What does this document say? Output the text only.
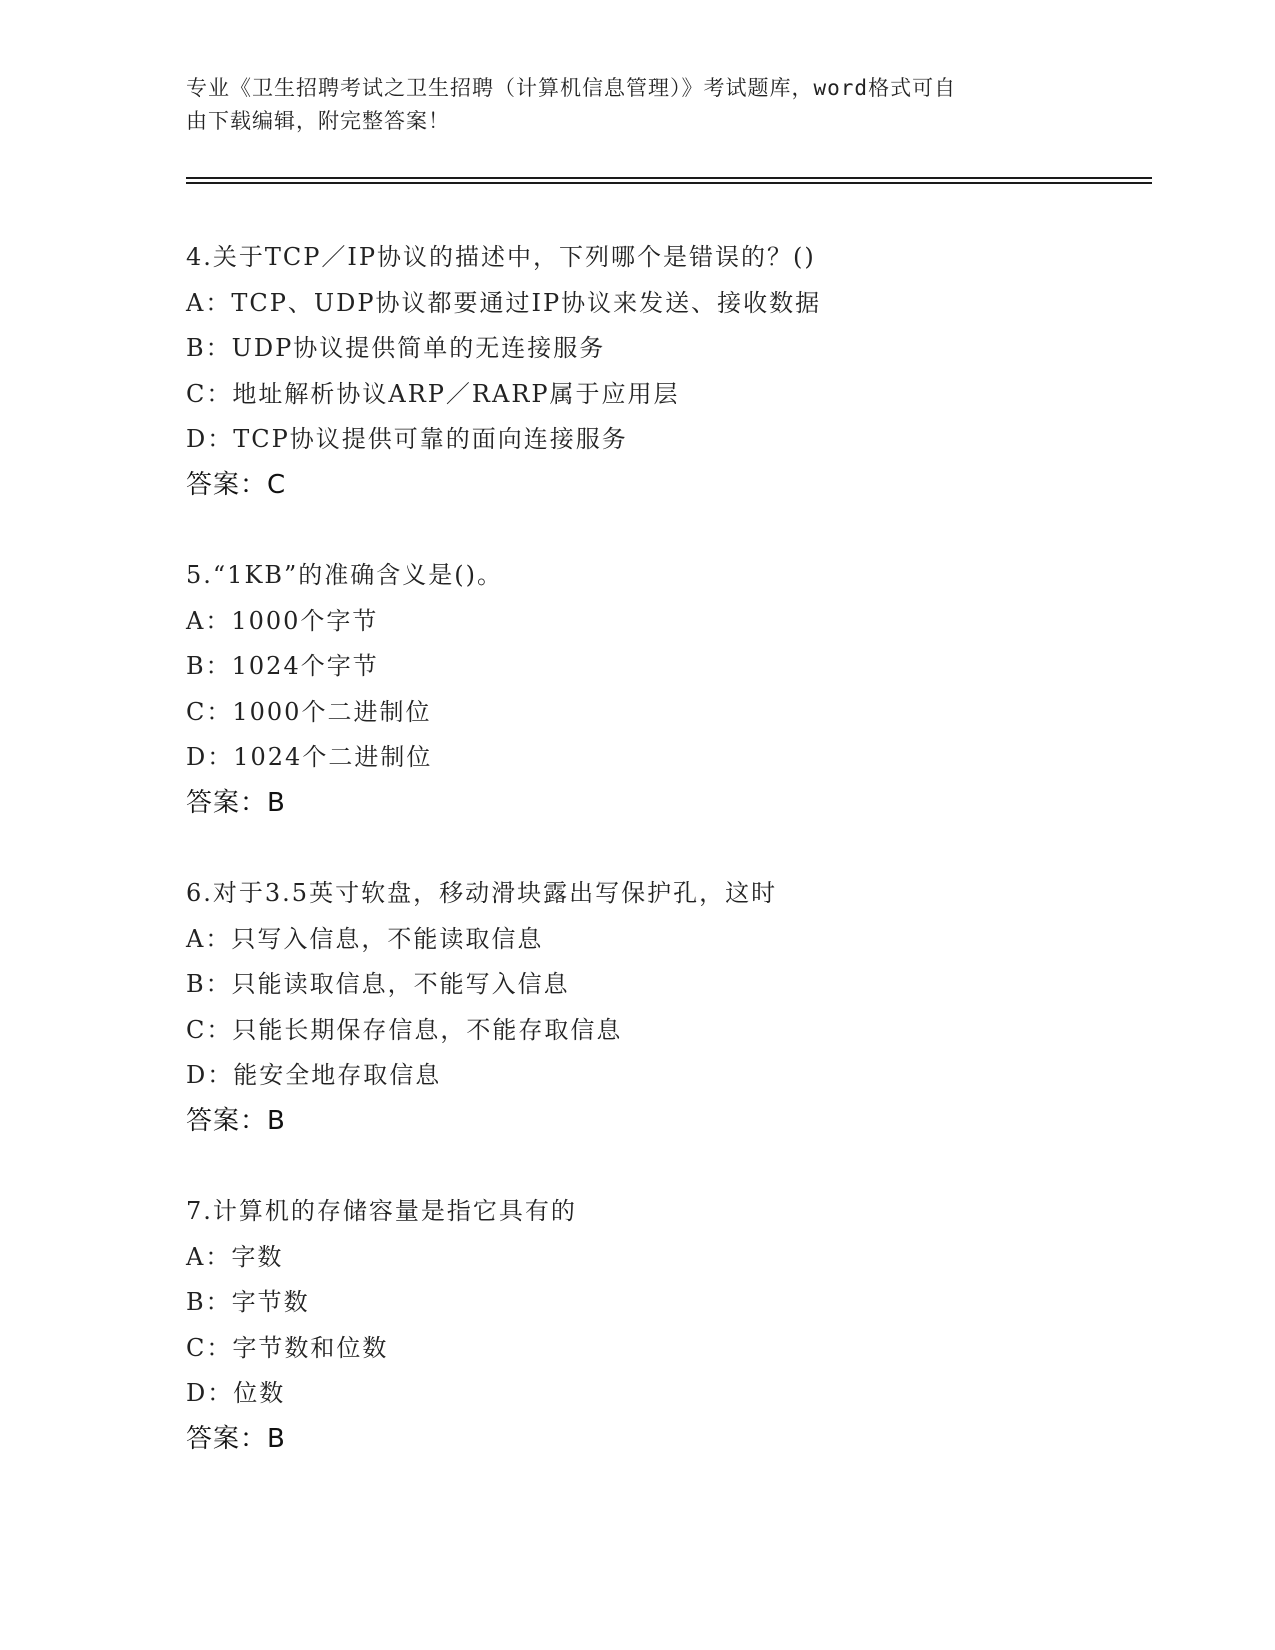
专业《卫生招聘考试之卫生招聘（计算机信息管理）》考试题库，word格式可自
由下载编辑，附完整答案！

4.关于TCP／IP协议的描述中，下列哪个是错误的？()

A：TCP、UDP协议都要通过IP协议来发送、接收数据

B：UDP协议提供简单的无连接服务

C：地址解析协议ARP／RARP属于应用层

D：TCP协议提供可靠的面向连接服务

答案：C

5.“1KB”的准确含义是()。

A：1000个字节

B：1024个字节

C：1000个二进制位

D：1024个二进制位

答案：B

6.对于3.5英寸软盘，移动滑块露出写保护孔，这时

A：只写入信息，不能读取信息

B：只能读取信息，不能写入信息

C：只能长期保存信息，不能存取信息

D：能安全地存取信息

答案：B

7.计算机的存储容量是指它具有的

A：字数

B：字节数

C：字节数和位数

D：位数

答案：B
